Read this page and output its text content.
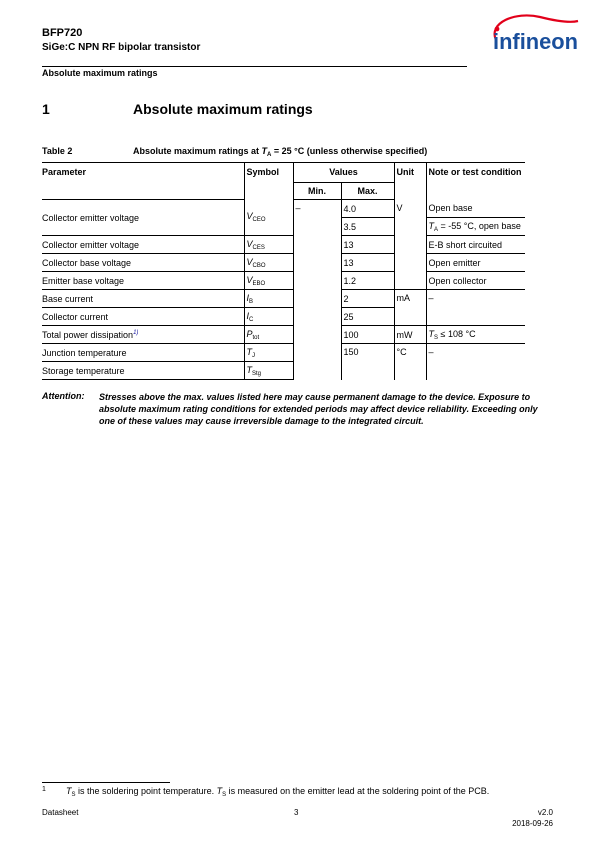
BFP720
SiGe:C NPN RF bipolar transistor
Absolute maximum ratings
infineon
1	Absolute maximum ratings
Table 2	Absolute maximum ratings at $T_A = 25$ °C (unless otherwise specified)
Parameter	Symbol	Values		Unit	Note or test condition
		Min.	Max.		
Collector emitter voltage	$V_{CEO}$	–	4.0	V	Open base
			3.5		$T_A = -55$ °C, open base
Collector emitter voltage	$V_{CES}$		13		E-B short circuited
Collector base voltage	$V_{CBO}$		13		Open emitter
Emitter base voltage	$V_{EBO}$		1.2		Open collector
Base current	$I_B$		2	mA	–
Collector current	$I_C$		25		
Total power dissipation$^{1)}$	$P_{tot}$		100	mW	$T_S \le 108$ °C
Junction temperature	$T_J$		150	°C	–
Storage temperature	$T_{Stg}$
Attention: Stresses above the max. values listed here may cause permanent damage to the device. Exposure to absolute maximum rating conditions for extended periods may affect device reliability. Exceeding only one of these values may cause irreversible damage to the integrated circuit.
1 $T_S$ is the soldering point temperature. $T_S$ is measured on the emitter lead at the soldering point of the PCB.
Datasheet	3	v2.0
2018-09-26
